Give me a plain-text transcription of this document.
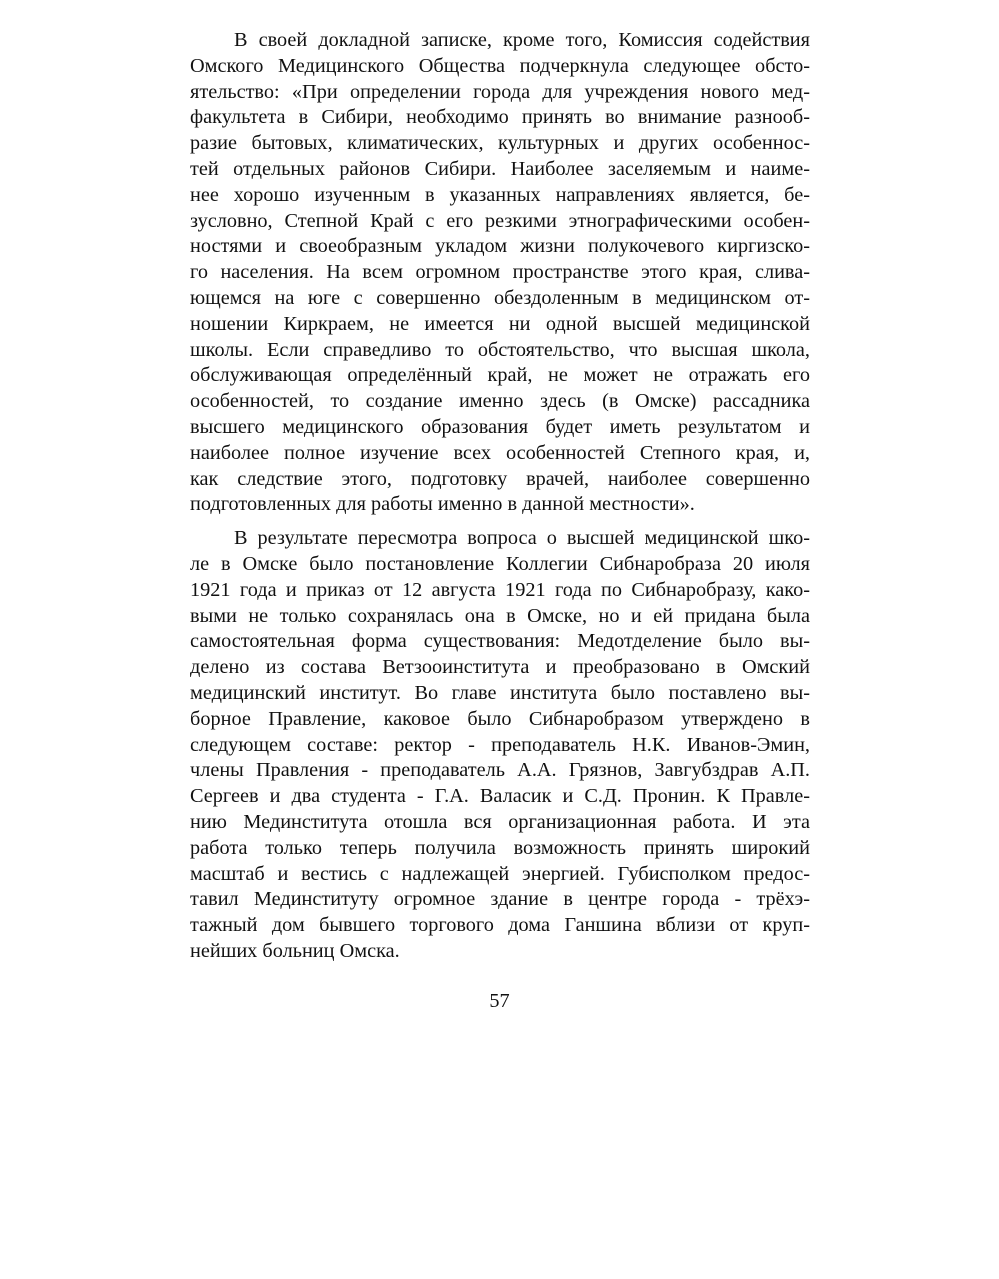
В своей докладной записке, кроме того, Комиссия содействия
Омского Медицинского Общества подчеркнула следующее обсто-
ятельство: «При определении города для учреждения нового мед-
факультета в Сибири, необходимо принять во внимание разнооб-
разие бытовых, климатических, культурных и других особеннос-
тей отдельных районов Сибири. Наиболее заселяемым и наиме-
нее хорошо изученным в указанных направлениях является, бе-
зусловно, Степной Край с его резкими этнографическими особен-
ностями и своеобразным укладом жизни полукочевого киргизско-
го населения. На всем огромном пространстве этого края, слива-
ющемся на юге с совершенно обездоленным в медицинском от-
ношении Киркраем, не имеется ни одной высшей медицинской
школы. Если справедливо то обстоятельство, что высшая школа,
обслуживающая определённый край, не может не отражать его
особенностей, то создание именно здесь (в Омске) рассадника
высшего медицинского образования будет иметь результатом и
наиболее полное изучение всех особенностей Степного края, и,
как следствие этого, подготовку врачей, наиболее совершенно
подготовленных для работы именно в данной местности».
В результате пересмотра вопроса о высшей медицинской шко-
ле в Омске было постановление Коллегии Сибнаробраза 20 июля
1921 года и приказ от 12 августа 1921 года по Сибнаробразу, како-
выми не только сохранялась она в Омске, но и ей придана была
самостоятельная форма существования: Медотделение было вы-
делено из состава Ветзооинститута и преобразовано в Омский
медицинский институт. Во главе института было поставлено вы-
борное Правление, каковое было Сибнаробразом утверждено в
следующем составе: ректор - преподаватель Н.К. Иванов-Эмин,
члены Правления - преподаватель А.А. Грязнов, Завгубздрав А.П.
Сергеев и два студента - Г.А. Валасик и С.Д. Пронин. К Правле-
нию Мединститута отошла вся организационная работа. И эта
работа только теперь получила возможность принять широкий
масштаб и вестись с надлежащей энергией. Губисполком предос-
тавил Мединституту огромное здание в центре города - трёхэ-
тажный дом бывшего торгового дома Ганшина вблизи от круп-
нейших больниц Омска.
57
